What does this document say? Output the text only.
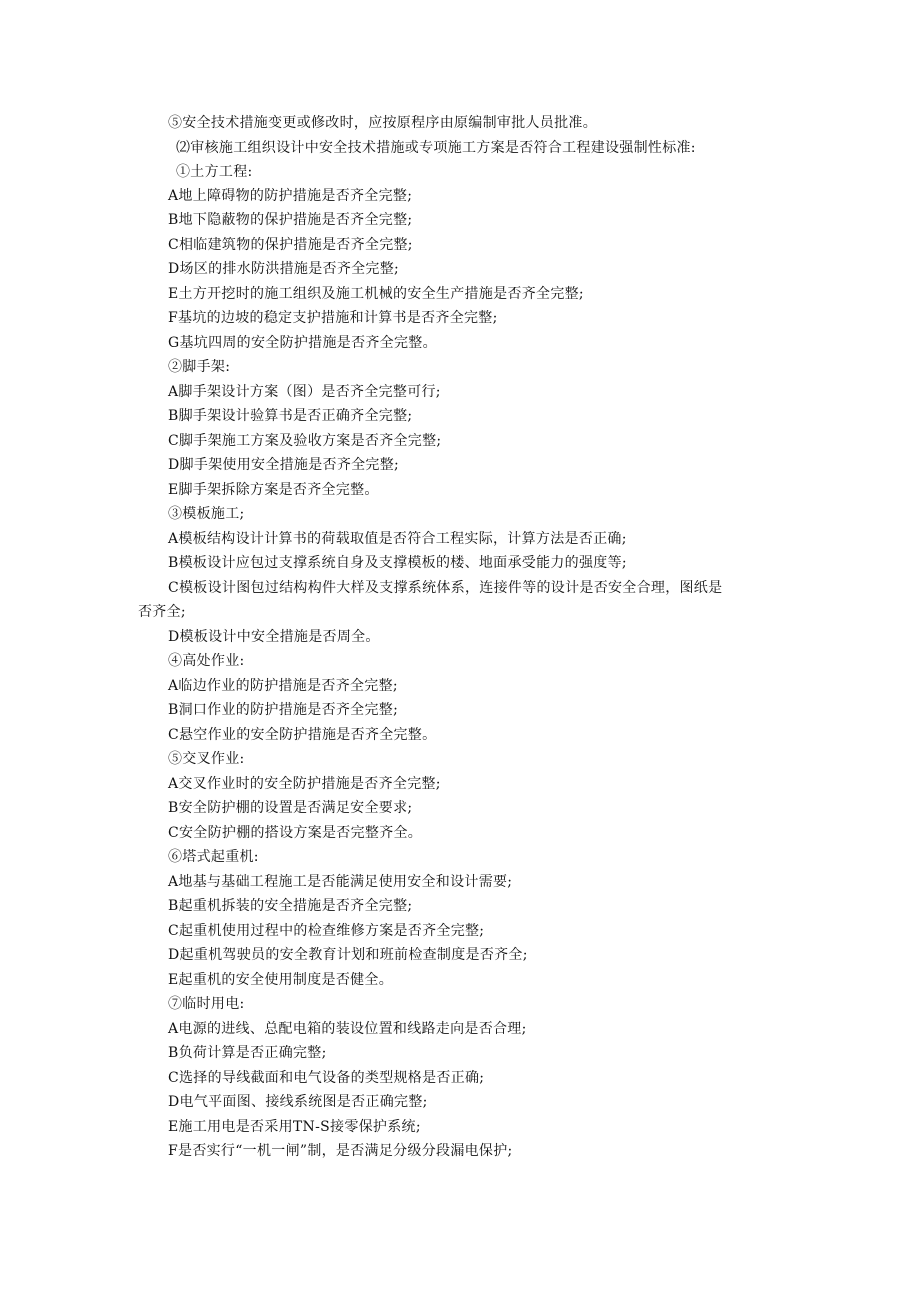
⑤安全技术措施变更或修改时，应按原程序由原编制审批人员批准。
⑵审核施工组织设计中安全技术措施或专项施工方案是否符合工程建设强制性标准:
①土方工程:
A地上障碍物的防护措施是否齐全完整;
B地下隐蔽物的保护措施是否齐全完整;
C相临建筑物的保护措施是否齐全完整;
D场区的排水防洪措施是否齐全完整;
E土方开挖时的施工组织及施工机械的安全生产措施是否齐全完整;
F基坑的边坡的稳定支护措施和计算书是否齐全完整;
G基坑四周的安全防护措施是否齐全完整。
②脚手架:
A脚手架设计方案（图）是否齐全完整可行;
B脚手架设计验算书是否正确齐全完整;
C脚手架施工方案及验收方案是否齐全完整;
D脚手架使用安全措施是否齐全完整;
E脚手架拆除方案是否齐全完整。
③模板施工;
A模板结构设计计算书的荷载取值是否符合工程实际，计算方法是否正确;
B模板设计应包过支撑系统自身及支撑模板的楼、地面承受能力的强度等;
C模板设计图包过结构构件大样及支撑系统体系，连接件等的设计是否安全合理，图纸是
否齐全;
D模板设计中安全措施是否周全。
④高处作业:
A临边作业的防护措施是否齐全完整;
B洞口作业的防护措施是否齐全完整;
C悬空作业的安全防护措施是否齐全完整。
⑤交叉作业:
A交叉作业时的安全防护措施是否齐全完整;
B安全防护棚的设置是否满足安全要求;
C安全防护棚的搭设方案是否完整齐全。
⑥塔式起重机:
A地基与基础工程施工是否能满足使用安全和设计需要;
B起重机拆装的安全措施是否齐全完整;
C起重机使用过程中的检查维修方案是否齐全完整;
D起重机驾驶员的安全教育计划和班前检查制度是否齐全;
E起重机的安全使用制度是否健全。
⑦临时用电:
A电源的进线、总配电箱的装设位置和线路走向是否合理;
B负荷计算是否正确完整;
C选择的导线截面和电气设备的类型规格是否正确;
D电气平面图、接线系统图是否正确完整;
E施工用电是否采用TN-S接零保护系统;
F是否实行“一机一闸”制，是否满足分级分段漏电保护;
